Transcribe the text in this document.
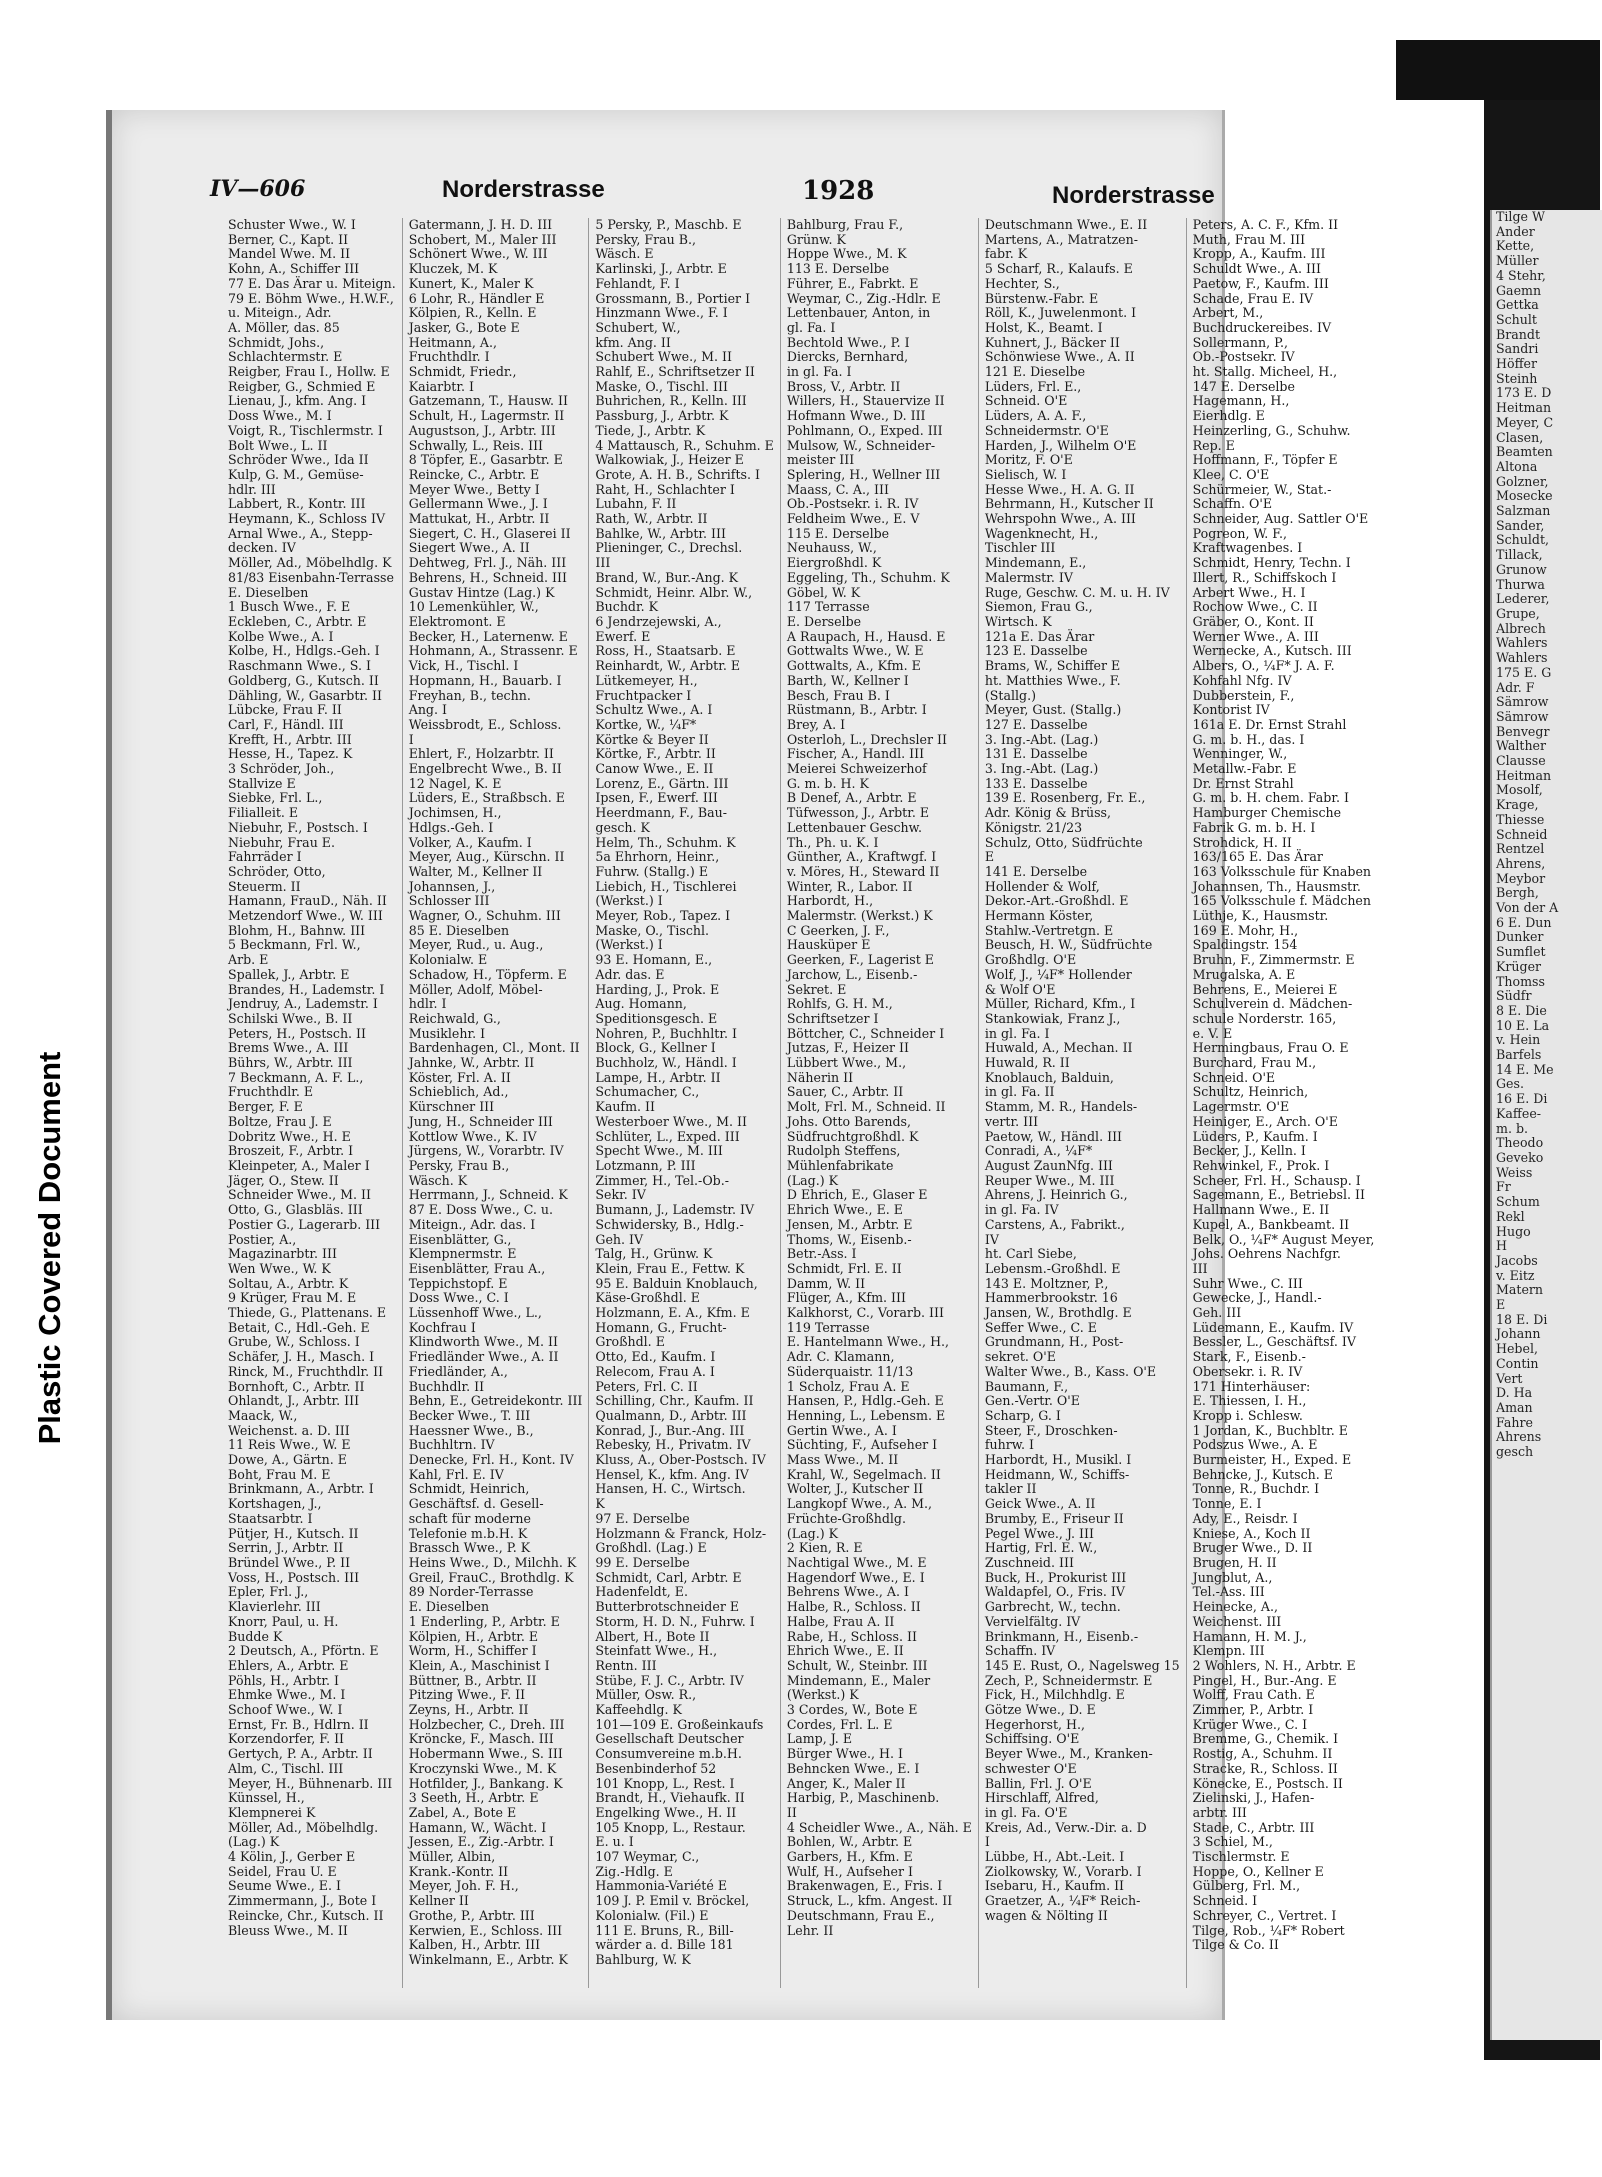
Plastic Covered Document
IV—606	Norderstrasse	1928	Norderstrasse
Schuster Wwe., W. I
Berner, C., Kapt. II
Mandel Wwe. M. II
Kohn, A., Schiffer III
77 E. Das Ärar u. Miteign.
79 E. Böhm Wwe., H.W.F.,
u. Miteign., Adr.
A. Möller, das. 85
Schmidt, Johs.,
Schlachtermstr. E
Reigber, Frau I., Hollw. E
Reigber, G., Schmied E
Lienau, J., kfm. Ang. I
Doss Wwe., M. I
Voigt, R., Tischlermstr. I
Bolt Wwe., L. II
Schröder Wwe., Ida II
Kulp, G. M., Gemüse-
hdlr. III
Labbert, R., Kontr. III
Heymann, K., Schloss IV
Arnal Wwe., A., Stepp-
decken. IV
Möller, Ad., Möbelhdlg. K
81/83 Eisenbahn-Terrasse
E. Dieselben
1 Busch Wwe., F. E
Eckleben, C., Arbtr. E
Kolbe Wwe., A. I
Kolbe, H., Hdlgs.-Geh. I
Raschmann Wwe., S. I
Goldberg, G., Kutsch. II
Dähling, W., Gasarbtr. II
Lübcke, Frau F. II
Carl, F., Händl. III
Krefft, H., Arbtr. III
Hesse, H., Tapez. K
3 Schröder, Joh.,
Stallvize E
Siebke, Frl. L.,
Filialleit. E
Niebuhr, F., Postsch. I
Niebuhr, Frau E.
Fahrräder I
Schröder, Otto,
Steuerm. II
Hamann, FrauD., Näh. II
Metzendorf Wwe., W. III
Blohm, H., Bahnw. III
5 Beckmann, Frl. W.,
Arb. E
Spallek, J., Arbtr. E
Brandes, H., Lademstr. I
Jendruy, A., Lademstr. I
Schilski Wwe., B. II
Peters, H., Postsch. II
Brems Wwe., A. III
Bührs, W., Arbtr. III
7 Beckmann, A. F. L.,
Fruchthdlr. E
Berger, F. E
Boltze, Frau J. E
Dobritz Wwe., H. E
Broszeit, F., Arbtr. I
Kleinpeter, A., Maler I
Jäger, O., Stew. II
Schneider Wwe., M. II
Otto, G., Glasbläs. III
Postier G., Lagerarb. III
Postier, A.,
Magazinarbtr. III
Wen Wwe., W. K
Soltau, A., Arbtr. K
9 Krüger, Frau M. E
Thiede, G., Plattenans. E
Betait, C., Hdl.-Geh. E
Grube, W., Schloss. I
Schäfer, J. H., Masch. I
Rinck, M., Fruchthdlr. II
Bornhoft, C., Arbtr. II
Ohlandt, J., Arbtr. III
Maack, W.,
Weichenst. a. D. III
11 Reis Wwe., W. E
Dowe, A., Gärtn. E
Boht, Frau M. E
Brinkmann, A., Arbtr. I
Kortshagen, J.,
Staatsarbtr. I
Pütjer, H., Kutsch. II
Serrin, J., Arbtr. II
Bründel Wwe., P. II
Voss, H., Postsch. III
Epler, Frl. J.,
Klavierlehr. III
Knorr, Paul, u. H.
Budde K
2 Deutsch, A., Pförtn. E
Ehlers, A., Arbtr. E
Pöhls, H., Arbtr. I
Ehmke Wwe., M. I
Schoof Wwe., W. I
Ernst, Fr. B., Hdlrn. II
Korzendorfer, F. II
Gertych, P. A., Arbtr. II
Alm, C., Tischl. III
Meyer, H., Bühnenarb. III
Künssel, H.,
Klempnerei K
Möller, Ad., Möbelhdlg.
(Lag.) K
4 Kölin, J., Gerber E
Seidel, Frau U. E
Seume Wwe., E. I
Zimmermann, J., Bote I
Reincke, Chr., Kutsch. II
Bleuss Wwe., M. II
Gatermann, J. H. D. III
Schobert, M., Maler III
Schönert Wwe., W. III
Kluczek, M. K
Kunert, K., Maler K
6 Lohr, R., Händler E
Kölpien, R., Kelln. E
Jasker, G., Bote E
Heitmann, A.,
Fruchthdlr. I
Schmidt, Friedr.,
Kaiarbtr. I
Gatzemann, T., Hausw. II
Schult, H., Lagermstr. II
Augustson, J., Arbtr. III
Schwally, L., Reis. III
8 Töpfer, E., Gasarbtr. E
Reincke, C., Arbtr. E
Meyer Wwe., Betty I
Gellermann Wwe., J. I
Mattukat, H., Arbtr. II
Siegert, C. H., Glaserei II
Siegert Wwe., A. II
Dehtweg, Frl. J., Näh. III
Behrens, H., Schneid. III
Gustav Hintze (Lag.) K
10 Lemenkühler, W.,
Elektromont. E
Becker, H., Laternenw. E
Hohmann, A., Strassenr. E
Vick, H., Tischl. I
Hopmann, H., Bauarb. I
Freyhan, B., techn.
Ang. I
Weissbrodt, E., Schloss.
I
Ehlert, F., Holzarbtr. II
Engelbrecht Wwe., B. II
12 Nagel, K. E
Lüders, E., Straßbsch. E
Jochimsen, H.,
Hdlgs.-Geh. I
Volker, A., Kaufm. I
Meyer, Aug., Kürschn. II
Walter, M., Kellner II
Johannsen, J.,
Schlosser III
Wagner, O., Schuhm. III
85 E. Dieselben
Meyer, Rud., u. Aug.,
Kolonialw. E
Schadow, H., Töpferm. E
Möller, Adolf, Möbel-
hdlr. I
Reichwald, G.,
Musiklehr. I
Bardenhagen, Cl., Mont. II
Jahnke, W., Arbtr. II
Köster, Frl. A. II
Schieblich, Ad.,
Kürschner III
Jung, H., Schneider III
Kottlow Wwe., K. IV
Jürgens, W., Vorarbtr. IV
Persky, Frau B.,
Wäsch. K
Herrmann, J., Schneid. K
87 E. Doss Wwe., C. u.
Miteign., Adr. das. I
Eisenblätter, G.,
Klempnermstr. E
Eisenblätter, Frau A.,
Teppichstopf. E
Doss Wwe., C. I
Lüssenhoff Wwe., L.,
Kochfrau I
Klindworth Wwe., M. II
Friedländer Wwe., A. II
Friedländer, A.,
Buchhdlr. II
Behn, E., Getreidekontr. III
Becker Wwe., T. III
Haessner Wwe., B.,
Buchhltrn. IV
Denecke, Frl. H., Kont. IV
Kahl, Frl. E. IV
Schmidt, Heinrich,
Geschäftsf. d. Gesell-
schaft für moderne
Telefonie m.b.H. K
Brassch Wwe., P. K
Heins Wwe., D., Milchh. K
Greil, FrauC., Brothdlg. K
89 Norder-Terrasse
E. Dieselben
1 Enderling, P., Arbtr. E
Kölpien, H., Arbtr. E
Worm, H., Schiffer I
Klein, A., Maschinist I
Büttner, B., Arbtr. II
Pitzing Wwe., F. II
Zeyns, H., Arbtr. II
Holzbecher, C., Dreh. III
Kröncke, F., Masch. III
Hobermann Wwe., S. III
Kroczynski Wwe., M. K
Hotfilder, J., Bankang. K
3 Seeth, H., Arbtr. E
Zabel, A., Bote E
Hamann, W., Wächt. I
Jessen, E., Zig.-Arbtr. I
Müller, Albin,
Krank.-Kontr. II
Meyer, Joh. F. H.,
Kellner II
Grothe, P., Arbtr. III
Kerwien, E., Schloss. III
Kalben, H., Arbtr. III
Winkelmann, E., Arbtr. K
5 Persky, P., Maschb. E
Persky, Frau B.,
Wäsch. E
Karlinski, J., Arbtr. E
Fehlandt, F. I
Grossmann, B., Portier I
Hinzmann Wwe., F. I
Schubert, W.,
kfm. Ang. II
Schubert Wwe., M. II
Rahlf, E., Schriftsetzer II
Maske, O., Tischl. III
Buhrichen, R., Kelln. III
Passburg, J., Arbtr. K
Tiede, J., Arbtr. K
4 Mattausch, R., Schuhm. E
Walkowiak, J., Heizer E
Grote, A. H. B., Schrifts. I
Raht, H., Schlachter I
Lubahn, F. II
Rath, W., Arbtr. II
Bahlke, W., Arbtr. III
Plieninger, C., Drechsl.
III
Brand, W., Bur.-Ang. K
Schmidt, Heinr. Albr. W.,
Buchdr. K
6 Jendrzejewski, A.,
Ewerf. E
Ross, H., Staatsarb. E
Reinhardt, W., Arbtr. E
Lütkemeyer, H.,
Fruchtpacker I
Schultz Wwe., A. I
Kortke, W., ¼F*
Körtke & Beyer II
Körtke, F., Arbtr. II
Canow Wwe., E. II
Lorenz, E., Gärtn. III
Ipsen, F., Ewerf. III
Heerdmann, F., Bau-
gesch. K
Helm, Th., Schuhm. K
5a Ehrhorn, Heinr.,
Fuhrw. (Stallg.) E
Liebich, H., Tischlerei
(Werkst.) I
Meyer, Rob., Tapez. I
Maske, O., Tischl.
(Werkst.) I
93 E. Homann, E.,
Adr. das. E
Harding, J., Prok. E
Aug. Homann,
Speditionsgesch. E
Nohren, P., Buchhltr. I
Block, G., Kellner I
Buchholz, W., Händl. I
Lampe, H., Arbtr. II
Schumacher, C.,
Kaufm. II
Westerboer Wwe., M. II
Schlüter, L., Exped. III
Specht Wwe., M. III
Lotzmann, P. III
Zimmer, H., Tel.-Ob.-
Sekr. IV
Bumann, J., Lademstr. IV
Schwidersky, B., Hdlg.-
Geh. IV
Talg, H., Grünw. K
Klein, Frau E., Fettw. K
95 E. Balduin Knoblauch,
Käse-Großhdl. E
Holzmann, E. A., Kfm. E
Homann, G., Frucht-
Großhdl. E
Otto, Ed., Kaufm. I
Relecom, Frau A. I
Peters, Frl. C. II
Schilling, Chr., Kaufm. II
Qualmann, D., Arbtr. III
Konrad, J., Bur.-Ang. III
Rebesky, H., Privatm. IV
Kluss, A., Ober-Postsch. IV
Hensel, K., kfm. Ang. IV
Hansen, H. C., Wirtsch.
K
97 E. Derselbe
Holzmann & Franck, Holz-
Großhdl. (Lag.) E
99 E. Derselbe
Schmidt, Carl, Arbtr. E
Hadenfeldt, E.
Butterbrotschneider E
Storm, H. D. N., Fuhrw. I
Albert, H., Bote II
Steinfatt Wwe., H.,
Rentn. III
Stübe, F. J. C., Arbtr. IV
Müller, Osw. R.,
Kaffeehdlg. K
101—109 E. Großeinkaufs
Gesellschaft Deutscher
Consumvereine m.b.H.
Besenbinderhof 52
101 Knopp, L., Rest. I
Brandt, H., Viehaufk. II
Engelking Wwe., H. II
105 Knopp, L., Restaur.
E. u. I
107 Weymar, C.,
Zig.-Hdlg. E
Hammonia-Variété E
109 J. P. Emil v. Bröckel,
Kolonialw. (Fil.) E
111 E. Bruns, R., Bill-
wärder a. d. Bille 181
Bahlburg, W. K
Bahlburg, Frau F.,
Grünw. K
Hoppe Wwe., M. K
113 E. Derselbe
Führer, E., Fabrkt. E
Weymar, C., Zig.-Hdlr. E
Lettenbauer, Anton, in
gl. Fa. I
Bechtold Wwe., P. I
Diercks, Bernhard,
in gl. Fa. I
Bross, V., Arbtr. II
Willers, H., Stauervize II
Hofmann Wwe., D. III
Pohlmann, O., Exped. III
Mulsow, W., Schneider-
meister III
Splering, H., Wellner III
Maass, C. A., III
Ob.-Postsekr. i. R. IV
Feldheim Wwe., E. V
115 E. Derselbe
Neuhauss, W.,
Eiergroßhdl. K
Eggeling, Th., Schuhm. K
Göbel, W. K
117 Terrasse
E. Derselbe
A Raupach, H., Hausd. E
Gottwalts Wwe., W. E
Gottwalts, A., Kfm. E
Barth, W., Kellner I
Besch, Frau B. I
Rüstmann, B., Arbtr. I
Brey, A. I
Osterloh, L., Drechsler II
Fischer, A., Handl. III
Meierei Schweizerhof
G. m. b. H. K
B Denef, A., Arbtr. E
Tüfwesson, J., Arbtr. E
Lettenbauer Geschw.
Th., Ph. u. K. I
Günther, A., Kraftwgf. I
v. Möres, H., Steward II
Winter, R., Labor. II
Harbordt, H.,
Malermstr. (Werkst.) K
C Geerken, J. F.,
Hausküper E
Geerken, F., Lagerist E
Jarchow, L., Eisenb.-
Sekret. E
Rohlfs, G. H. M.,
Schriftsetzer I
Böttcher, C., Schneider I
Jutzas, F., Heizer II
Lübbert Wwe., M.,
Näherin II
Sauer, C., Arbtr. II
Molt, Frl. M., Schneid. II
Johs. Otto Barends,
Südfruchtgroßhdl. K
Rudolph Steffens,
Mühlenfabrikate
(Lag.) K
D Ehrich, E., Glaser E
Ehrich Wwe., E. E
Jensen, M., Arbtr. E
Thoms, W., Eisenb.-
Betr.-Ass. I
Schmidt, Frl. E. II
Damm, W. II
Flüger, A., Kfm. III
Kalkhorst, C., Vorarb. III
119 Terrasse
E. Hantelmann Wwe., H.,
Adr. C. Klamann,
Süderquaistr. 11/13
1 Scholz, Frau A. E
Hansen, P., Hdlg.-Geh. E
Henning, L., Lebensm. E
Gertin Wwe., A. I
Süchting, F., Aufseher I
Mass Wwe., M. II
Krahl, W., Segelmach. II
Wolter, J., Kutscher II
Langkopf Wwe., A. M.,
Früchte-Großhdlg.
(Lag.) K
2 Kien, R. E
Nachtigal Wwe., M. E
Hagendorf Wwe., E. I
Behrens Wwe., A. I
Halbe, R., Schloss. II
Halbe, Frau A. II
Rabe, H., Schloss. II
Ehrich Wwe., E. II
Schult, W., Steinbr. III
Mindemann, E., Maler
(Werkst.) K
3 Cordes, W., Bote E
Cordes, Frl. L. E
Lamp, J. E
Bürger Wwe., H. I
Behncken Wwe., E. I
Anger, K., Maler II
Harbig, P., Maschinenb.
II
4 Scheidler Wwe., A., Näh. E
Bohlen, W., Arbtr. E
Garbers, H., Kfm. E
Wulf, H., Aufseher I
Brakenwagen, E., Fris. I
Struck, L., kfm. Angest. II
Deutschmann, Frau E.,
Lehr. II
Deutschmann Wwe., E. II
Martens, A., Matratzen-
fabr. K
5 Scharf, R., Kalaufs. E
Hechter, S.,
Bürstenw.-Fabr. E
Röll, K., Juwelenmont. I
Holst, K., Beamt. I
Kuhnert, J., Bäcker II
Schönwiese Wwe., A. II
121 E. Dieselbe
Lüders, Frl. E.,
Schneid. O'E
Lüders, A. A. F.,
Schneidermstr. O'E
Harden, J., Wilhelm O'E
Moritz, F. O'E
Sielisch, W. I
Hesse Wwe., H. A. G. II
Behrmann, H., Kutscher II
Wehrspohn Wwe., A. III
Wagenknecht, H.,
Tischler III
Mindemann, E.,
Malermstr. IV
Ruge, Geschw. C. M. u. H. IV
Siemon, Frau G.,
Wirtsch. K
121a E. Das Ärar
123 E. Dasselbe
Brams, W., Schiffer E
ht. Matthies Wwe., F.
(Stallg.)
Meyer, Gust. (Stallg.)
127 E. Dasselbe
3. Ing.-Abt. (Lag.)
131 E. Dasselbe
3. Ing.-Abt. (Lag.)
133 E. Dasselbe
139 E. Rosenberg, Fr. E.,
Adr. König & Brüss,
Königstr. 21/23
Schulz, Otto, Südfrüchte
E
141 E. Derselbe
Hollender & Wolf,
Dekor.-Art.-Großhdl. E
Hermann Köster,
Stahlw.-Vertretgn. E
Beusch, H. W., Südfrüchte
Großhdlg. O'E
Wolf, J., ¼F* Hollender
& Wolf O'E
Müller, Richard, Kfm., I
Stankowiak, Franz J.,
in gl. Fa. I
Huwald, A., Mechan. II
Huwald, R. II
Knoblauch, Balduin,
in gl. Fa. II
Stamm, M. R., Handels-
vertr. III
Paetow, W., Händl. III
Conradi, A., ¼F*
August ZaunNfg. III
Reuper Wwe., M. III
Ahrens, J. Heinrich G.,
in gl. Fa. IV
Carstens, A., Fabrikt.,
IV
ht. Carl Siebe,
Lebensm.-Großhdl. E
143 E. Moltzner, P.,
Hammerbrookstr. 16
Jansen, W., Brothdlg. E
Seffer Wwe., C. E
Grundmann, H., Post-
sekret. O'E
Walter Wwe., B., Kass. O'E
Baumann, F.,
Gen.-Vertr. O'E
Scharp, G. I
Steer, F., Droschken-
fuhrw. I
Harbordt, H., Musikl. I
Heidmann, W., Schiffs-
takler II
Geick Wwe., A. II
Brumby, E., Friseur II
Pegel Wwe., J. III
Hartig, Frl. E. W.,
Zuschneid. III
Buck, H., Prokurist III
Waldapfel, O., Fris. IV
Garbrecht, W., techn.
Vervielfältg. IV
Brinkmann, H., Eisenb.-
Schaffn. IV
145 E. Rust, O., Nagelsweg 15
Zech, P., Schneidermstr. E
Fick, H., Milchhdlg. E
Götze Wwe., D. E
Hegerhorst, H.,
Schiffsing. O'E
Beyer Wwe., M., Kranken-
schwester O'E
Ballin, Frl. J. O'E
Hirschlaff, Alfred,
in gl. Fa. O'E
Kreis, Ad., Verw.-Dir. a. D
I
Lübbe, H., Abt.-Leit. I
Ziolkowsky, W., Vorarb. I
Isebaru, H., Kaufm. II
Graetzer, A., ¼F* Reich-
wagen & Nölting II
Peters, A. C. F., Kfm. II
Muth, Frau M. III
Kropp, A., Kaufm. III
Schuldt Wwe., A. III
Paetow, F., Kaufm. III
Schade, Frau E. IV
Arbert, M.,
Buchdruckereibes. IV
Sollermann, P.,
Ob.-Postsekr. IV
ht. Stallg. Micheel, H.,
147 E. Derselbe
Hagemann, H.,
Eierhdlg. E
Heinzerling, G., Schuhw.
Rep. E
Hoffmann, F., Töpfer E
Klee, C. O'E
Schürmeier, W., Stat.-
Schaffn. O'E
Schneider, Aug. Sattler O'E
Pogreon, W. F.,
Kraftwagenbes. I
Schmidt, Henry, Techn. I
Illert, R., Schiffskoch I
Arbert Wwe., H. I
Rochow Wwe., C. II
Gräber, O., Kont. II
Werner Wwe., A. III
Wernecke, A., Kutsch. III
Albers, O., ¼F* J. A. F.
Kohfahl Nfg. IV
Dubberstein, F.,
Kontorist IV
161a E. Dr. Ernst Strahl
G. m. b. H., das. I
Wenninger, W.,
Metallw.-Fabr. E
Dr. Ernst Strahl
G. m. b. H. chem. Fabr. I
Hamburger Chemische
Fabrik G. m. b. H. I
Strohdick, H. II
163/165 E. Das Ärar
163 Volksschule für Knaben
Johannsen, Th., Hausmstr.
165 Volksschule f. Mädchen
Lüthje, K., Hausmstr.
169 E. Mohr, H.,
Spaldingstr. 154
Bruhn, F., Zimmermstr. E
Mrugalska, A. E
Behrens, E., Meierei E
Schulverein d. Mädchen-
schule Norderstr. 165,
e. V. E
Hermingbaus, Frau O. E
Burchard, Frau M.,
Schneid. O'E
Schultz, Heinrich,
Lagermstr. O'E
Heiniger, E., Arch. O'E
Lüders, P., Kaufm. I
Becker, J., Kelln. I
Rehwinkel, F., Prok. I
Scheer, Frl. H., Schausp. I
Sagemann, E., Betriebsl. II
Hallmann Wwe., E. II
Kupel, A., Bankbeamt. II
Belk, O., ¼F* August Meyer,
Johs. Oehrens Nachfgr.
III
Suhr Wwe., C. III
Gewecke, J., Handl.-
Geh. III
Lüdemann, E., Kaufm. IV
Bessler, L., Geschäftsf. IV
Stark, F., Eisenb.-
Obersekr. i. R. IV
171 Hinterhäuser:
E. Thiessen, I. H.,
Kropp i. Schlesw.
1 Jordan, K., Buchbltr. E
Podszus Wwe., A. E
Burmeister, H., Exped. E
Behncke, J., Kutsch. E
Tonne, R., Buchdr. I
Tonne, E. I
Ady, E., Reisdr. I
Kniese, A., Koch II
Bruger Wwe., D. II
Brugen, H. II
Jungblut, A.,
Tel.-Ass. III
Heinecke, A.,
Weichenst. III
Hamann, H. M. J.,
Klempn. III
2 Wohlers, N. H., Arbtr. E
Pingel, H., Bur.-Ang. E
Wolff, Frau Cath. E
Zimmer, P., Arbtr. I
Krüger Wwe., C. I
Bremme, G., Chemik. I
Rostig, A., Schuhm. II
Stracke, R., Schloss. II
Könecke, E., Postsch. II
Zielinski, J., Hafen-
arbtr. III
Stade, C., Arbtr. III
3 Schiel, M.,
Tischlermstr. E
Hoppe, O., Kellner E
Gülberg, Frl. M.,
Schneid. I
Schreyer, C., Vertret. I
Tilge, Rob., ¼F* Robert
Tilge & Co. II
Tilge W
Ander
Kette,
Müller
4 Stehr,
Gaemn
Gettka
Schult
Brandt
Sandri
Höffer
Steinh
173 E. D
Heitman
Meyer, C
Clasen,
Beamten
Altona
Golzner,
Mosecke
Salzman
Sander,
Schuldt,
Tillack,
Grunow
Thurwa
Lederer,
Grupe,
Albrech
Wahlers
Wahlers
175 E. G
Adr. F
Sämrow
Sämrow
Benvegr
Walther
Clausse
Heitman
Mosolf,
Krage,
Thiesse
Schneid
Rentzel
Ahrens,
Meybor
Bergh,
Von der A
6 E. Dun
Dunker
Sumflet
Krüger
Thomss
Südfr
8 E. Die
10 E. La
v. Hein
Barfels
14 E. Me
Ges.
16 E. Di
Kaffee-
m. b.
Theodo
Geveko
Weiss
Fr
Schum
Rekl
Hugo
H
Jacobs
v. Eitz
Matern
E
18 E. Di
Johann
Hebel,
Contin
Vert
D. Ha
Aman
Fahre
Ahrens
gesch
